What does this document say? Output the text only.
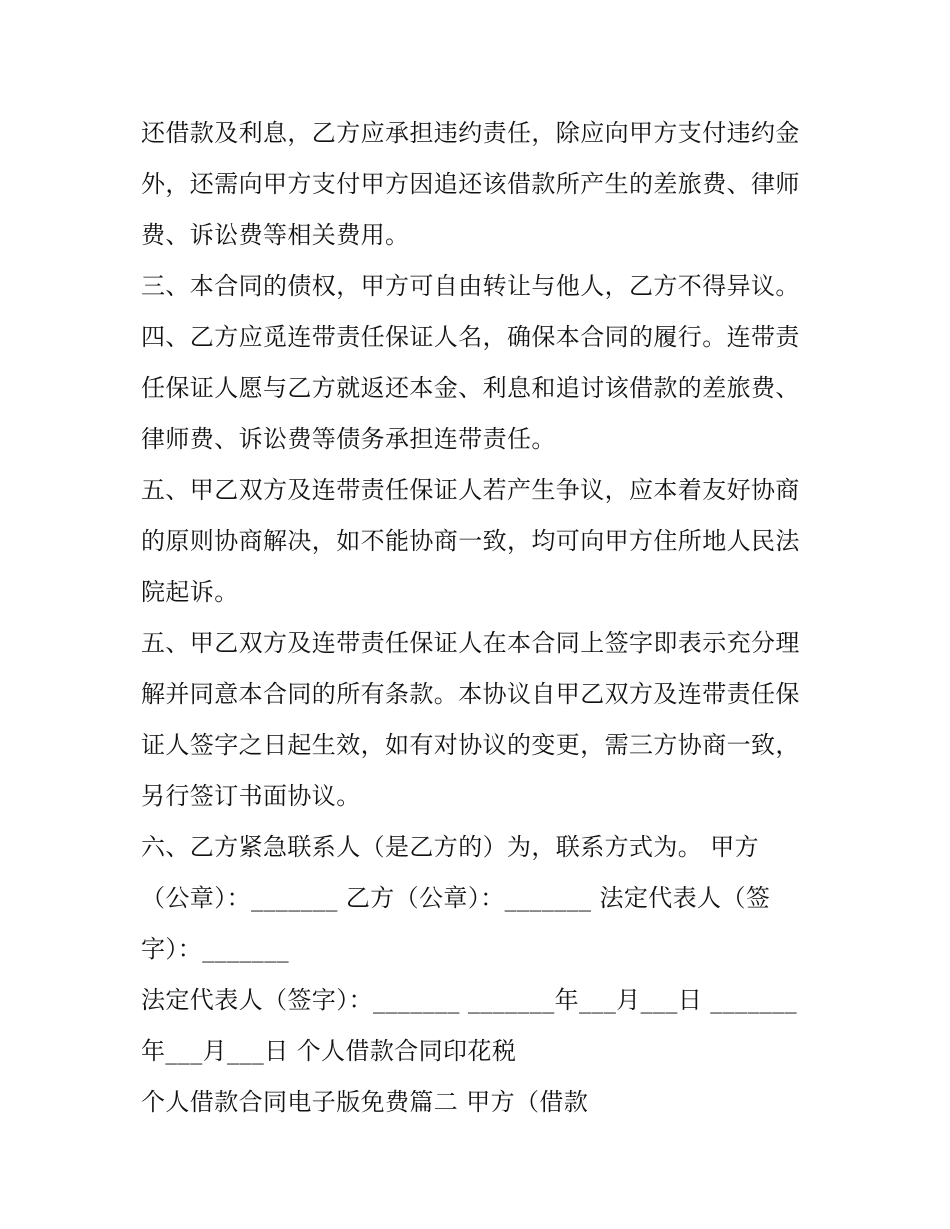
还借款及利息，乙方应承担违约责任，除应向甲方支付违约金
外，还需向甲方支付甲方因追还该借款所产生的差旅费、律师
费、诉讼费等相关费用。
三、本合同的债权，甲方可自由转让与他人，乙方不得异议。
四、乙方应觅连带责任保证人名，确保本合同的履行。连带责
任保证人愿与乙方就返还本金、利息和追讨该借款的差旅费、
律师费、诉讼费等债务承担连带责任。
五、甲乙双方及连带责任保证人若产生争议，应本着友好协商
的原则协商解决，如不能协商一致，均可向甲方住所地人民法
院起诉。
五、甲乙双方及连带责任保证人在本合同上签字即表示充分理
解并同意本合同的所有条款。本协议自甲乙双方及连带责任保
证人签字之日起生效，如有对协议的变更，需三方协商一致，
另行签订书面协议。
六、乙方紧急联系人（是乙方的）为，联系方式为。 甲方
（公章）：_______ 乙方（公章）：_______ 法定代表人（签
字）：_______
法定代表人（签字）：_______ _______年___月___日 _______
年___月___日 个人借款合同印花税
个人借款合同电子版免费篇二 甲方（借款
